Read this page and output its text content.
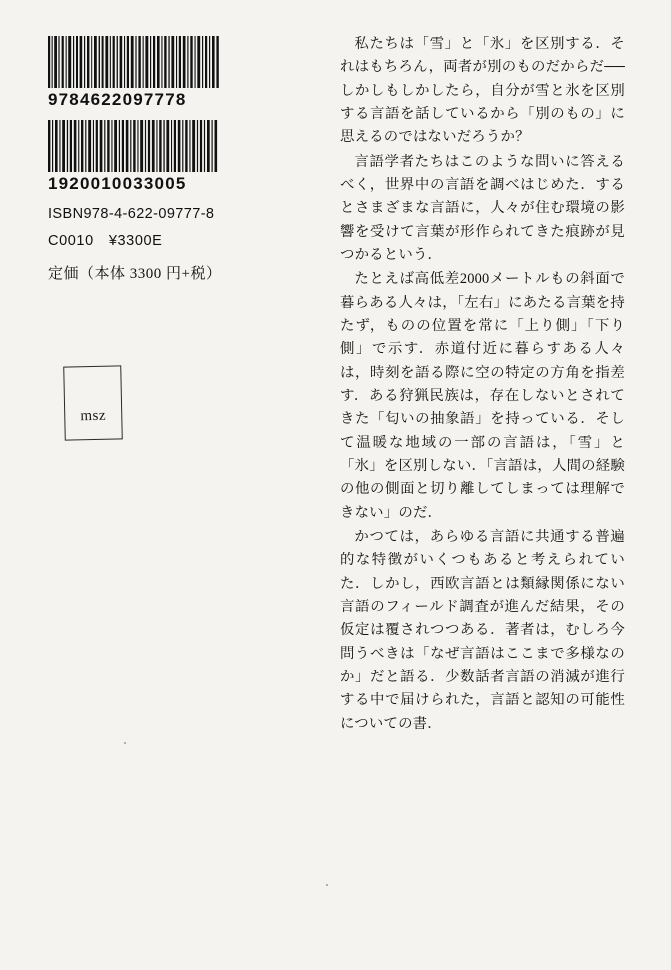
9784622097778
1920010033005
ISBN978-4-622-09777-8
C0010　¥3300E
定価（本体 3300 円+税）
msz

私たちは「雪」と「氷」を区別する．それはもちろん，両者が別のものだからだ──しかしもしかしたら，自分が雪と氷を区別する言語を話しているから「別のもの」に思えるのではないだろうか？

言語学者たちはこのような問いに答えるべく，世界中の言語を調べはじめた．するとさまざまな言語に，人々が住む環境の影響を受けて言葉が形作られてきた痕跡が見つかるという．

たとえば高低差2000メートルもの斜面で暮らある人々は，「左右」にあたる言葉を持たず，ものの位置を常に「上り側」「下り側」で示す．赤道付近に暮らすある人々は，時刻を語る際に空の特定の方角を指差す．ある狩猟民族は，存在しないとされてきた「匂いの抽象語」を持っている．そして温暖な地域の一部の言語は，「雪」と「氷」を区別しない．「言語は，人間の経験の他の側面と切り離してしまっては理解できない」のだ．

かつては，あらゆる言語に共通する普遍的な特徴がいくつもあると考えられていた．しかし，西欧言語とは類縁関係にない言語のフィールド調査が進んだ結果，その仮定は覆されつつある．著者は，むしろ今問うべきは「なぜ言語はここまで多様なのか」だと語る．少数話者言語の消滅が進行する中で届けられた，言語と認知の可能性についての書．
